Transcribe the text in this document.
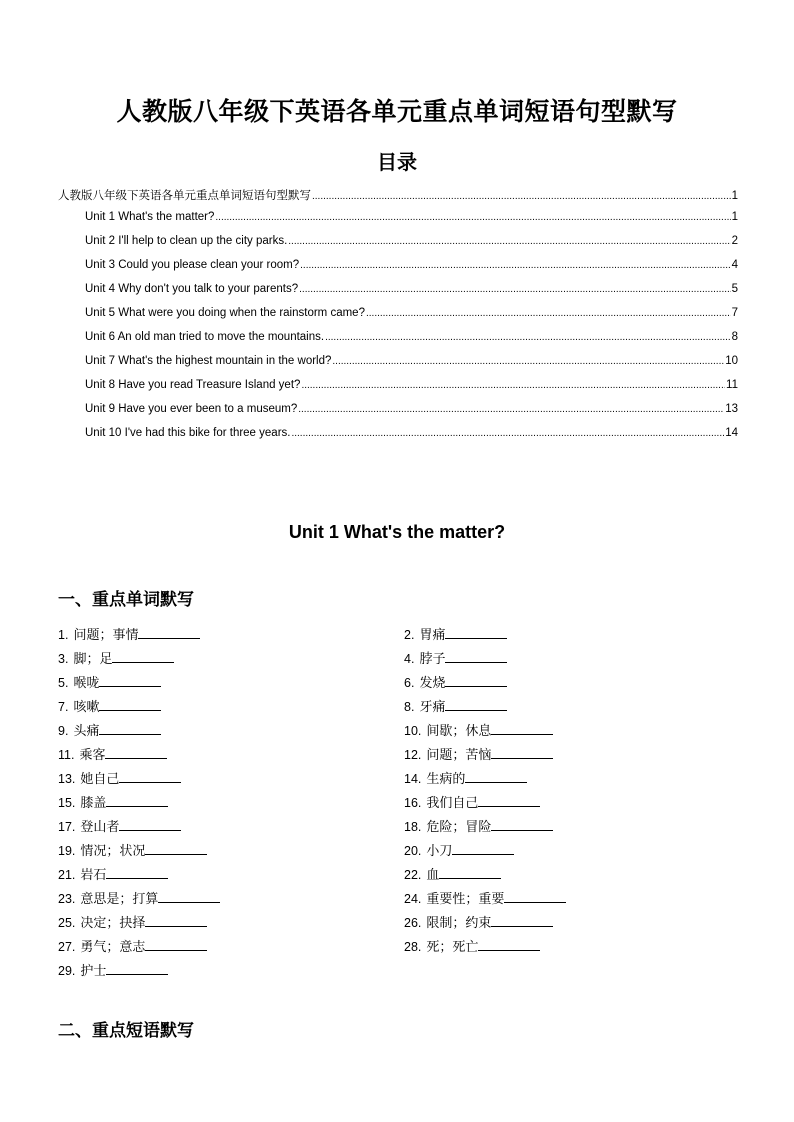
人教版八年级下英语各单元重点单词短语句型默写
目录
人教版八年级下英语各单元重点单词短语句型默写 .....	1
Unit 1 What's the matter? .....	1
Unit 2 I'll help to clean up the city parks. .....	2
Unit 3 Could you please clean your room? .....	4
Unit 4 Why don't you talk to your parents? .....	5
Unit 5 What were you doing when the rainstorm came? .....	7
Unit 6 An old man tried to move the mountains. .....	8
Unit 7 What's the highest mountain in the world? .....	10
Unit 8 Have you read Treasure Island yet? .....	11
Unit 9 Have you ever been to a museum? .....	13
Unit 10 I've had this bike for three years. .....	14
Unit 1 What's the matter?
一、重点单词默写
1. 问题；事情	2. 胃痛
3. 脚；足	4. 脖子
5. 喉咙	6. 发烧
7. 咳嗽	8. 牙痛
9. 头痛	10. 间歇；休息
11. 乘客	12. 问题；苦恼
13. 她自己	14. 生病的
15. 膝盖	16. 我们自己
17. 登山者	18. 危险；冒险
19. 情况；状况	20. 小刀
21. 岩石	22. 血
23. 意思是；打算	24. 重要性；重要
25. 决定；抉择	26. 限制；约束
27. 勇气；意志	28. 死；死亡
29. 护士
二、重点短语默写
